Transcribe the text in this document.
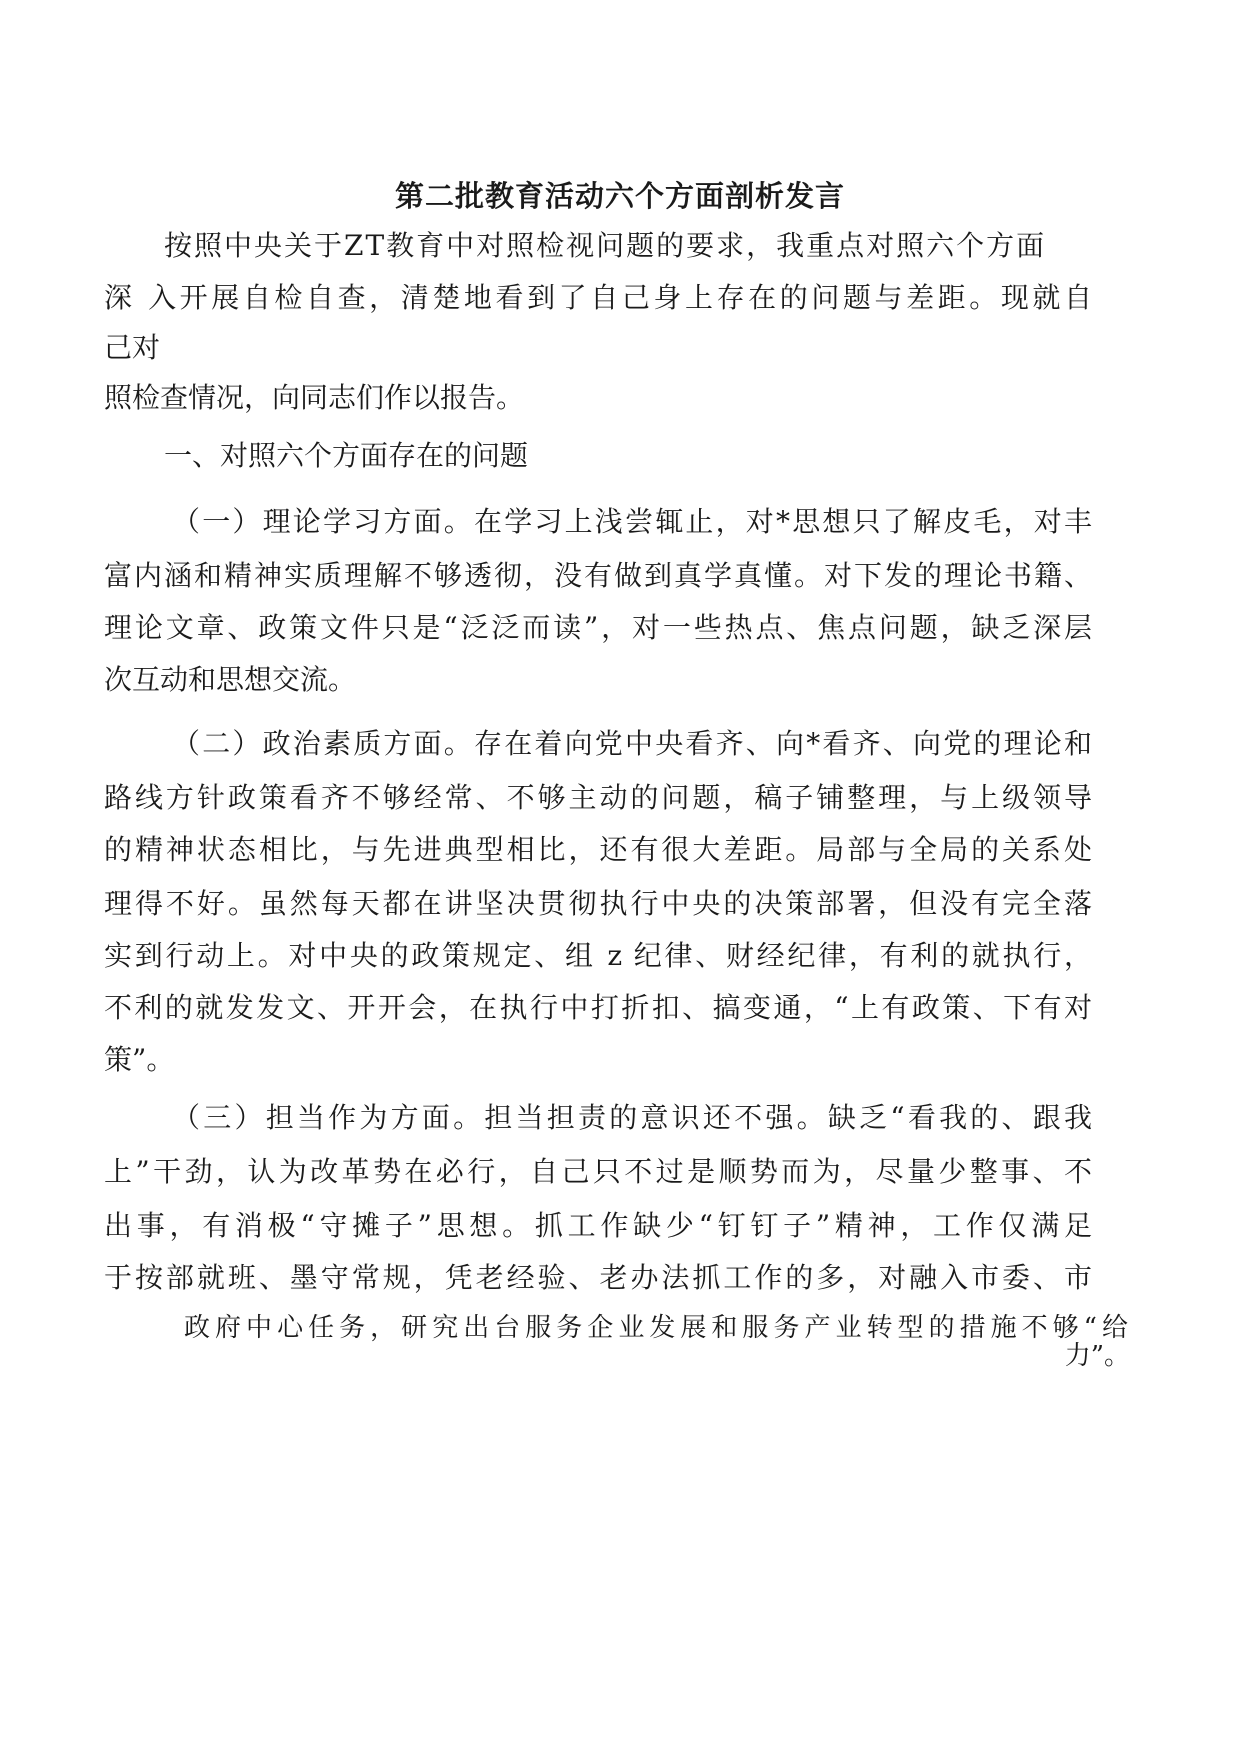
第二批教育活动六个方面剖析发言
按照中央关于ZT教育中对照检视问题的要求，我重点对照六个方面
深 入开展自检自查，清楚地看到了自己身上存在的问题与差距。现就自
己对
照检查情况，向同志们作以报告。
一、对照六个方面存在的问题
（一）理论学习方面。在学习上浅尝辄止，对*思想只了解皮毛，对丰
富内涵和精神实质理解不够透彻，没有做到真学真懂。对下发的理论书籍、
理论文章、政策文件只是“泛泛而读”，对一些热点、焦点问题，缺乏深层
次互动和思想交流。
（二）政治素质方面。存在着向党中央看齐、向*看齐、向党的理论和
路线方针政策看齐不够经常、不够主动的问题，稿子铺整理，与上级领导
的精神状态相比，与先进典型相比，还有很大差距。局部与全局的关系处
理得不好。虽然每天都在讲坚决贯彻执行中央的决策部署，但没有完全落
实到行动上。对中央的政策规定、组 z 纪律、财经纪律，有利的就执行，
不利的就发发文、开开会，在执行中打折扣、搞变通，“上有政策、下有对
策”。
（三）担当作为方面。担当担责的意识还不强。缺乏“看我的、跟我
上”干劲，认为改革势在必行，自己只不过是顺势而为，尽量少整事、不
出事，有消极“守摊子”思想。抓工作缺少“钉钉子”精神，工作仅满足
于按部就班、墨守常规，凭老经验、老办法抓工作的多，对融入市委、市
政府中心任务，研究出台服务企业发展和服务产业转型的措施不够“给
力”。
